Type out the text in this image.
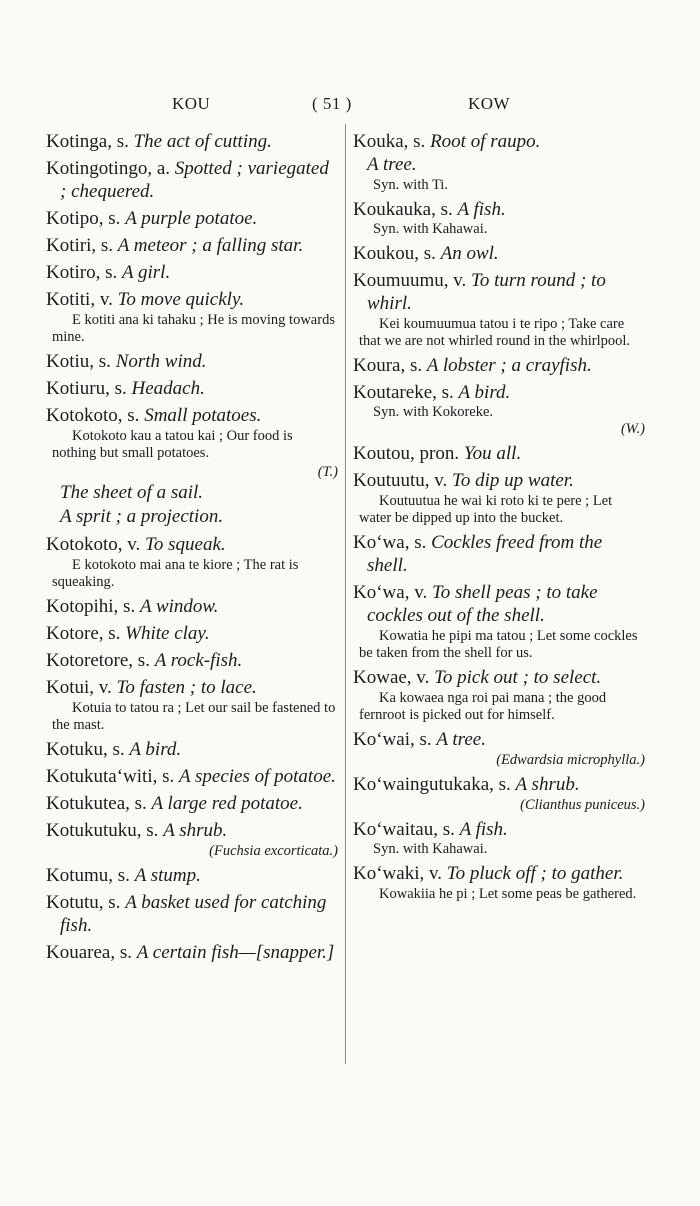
KOU	( 51 )	KOW
Kotinga, s. The act of cutting.
Kotingotingo, a. Spotted ; variegated ; chequered.
Kotipo, s. A purple potatoe.
Kotiri, s. A meteor ; a falling star.
Kotiro, s. A girl.
Kotiti, v. To move quickly.
E kotiti ana ki tahaku ; He is moving towards mine.
Kotiu, s. North wind.
Kotiuru, s. Headach.
Kotokoto, s. Small potatoes.
Kotokoto kau a tatou kai ; Our food is nothing but small potatoes.
(T.)
The sheet of a sail.
A sprit ; a projection.
Kotokoto, v. To squeak.
E kotokoto mai ana te kiore ; The rat is squeaking.
Kotopihi, s. A window.
Kotore, s. White clay.
Kotoretore, s. A rock-fish.
Kotui, v. To fasten ; to lace.
Kotuia to tatou ra ; Let our sail be fastened to the mast.
Kotuku, s. A bird.
Kotukuta‘witi, s. A species of potatoe.
Kotukutea, s. A large red potatoe.
Kotukutuku, s. A shrub.
(Fuchsia excorticata.)
Kotumu, s. A stump.
Kotutu, s. A basket used for catching fish.
Kouarea, s. A certain fish—[snapper.]
Kouka, s. Root of raupo.
A tree.
Syn. with Ti.
Koukauka, s. A fish.
Syn. with Kahawai.
Koukou, s. An owl.
Koumuumu, v. To turn round ; to whirl.
Kei koumuumua tatou i te ripo ; Take care that we are not whirled round in the whirlpool.
Koura, s. A lobster ; a crayfish.
Koutareke, s. A bird.
Syn. with Kokoreke.
(W.)
Koutou, pron. You all.
Koutuutu, v. To dip up water.
Koutuutua he wai ki roto ki te pere ; Let water be dipped up into the bucket.
Ko‘wa, s. Cockles freed from the shell.
Ko‘wa, v. To shell peas ; to take cockles out of the shell.
Kowatia he pipi ma tatou ; Let some cockles be taken from the shell for us.
Kowae, v. To pick out ; to select.
Ka kowaea nga roi pai mana ; the good fernroot is picked out for himself.
Ko‘wai, s. A tree.
(Edwardsia microphylla.)
Ko‘waingutukaka, s. A shrub.
(Clianthus puniceus.)
Ko‘waitau, s. A fish.
Syn. with Kahawai.
Ko‘waki, v. To pluck off ; to gather.
Kowakiia he pi ; Let some peas be gathered.
